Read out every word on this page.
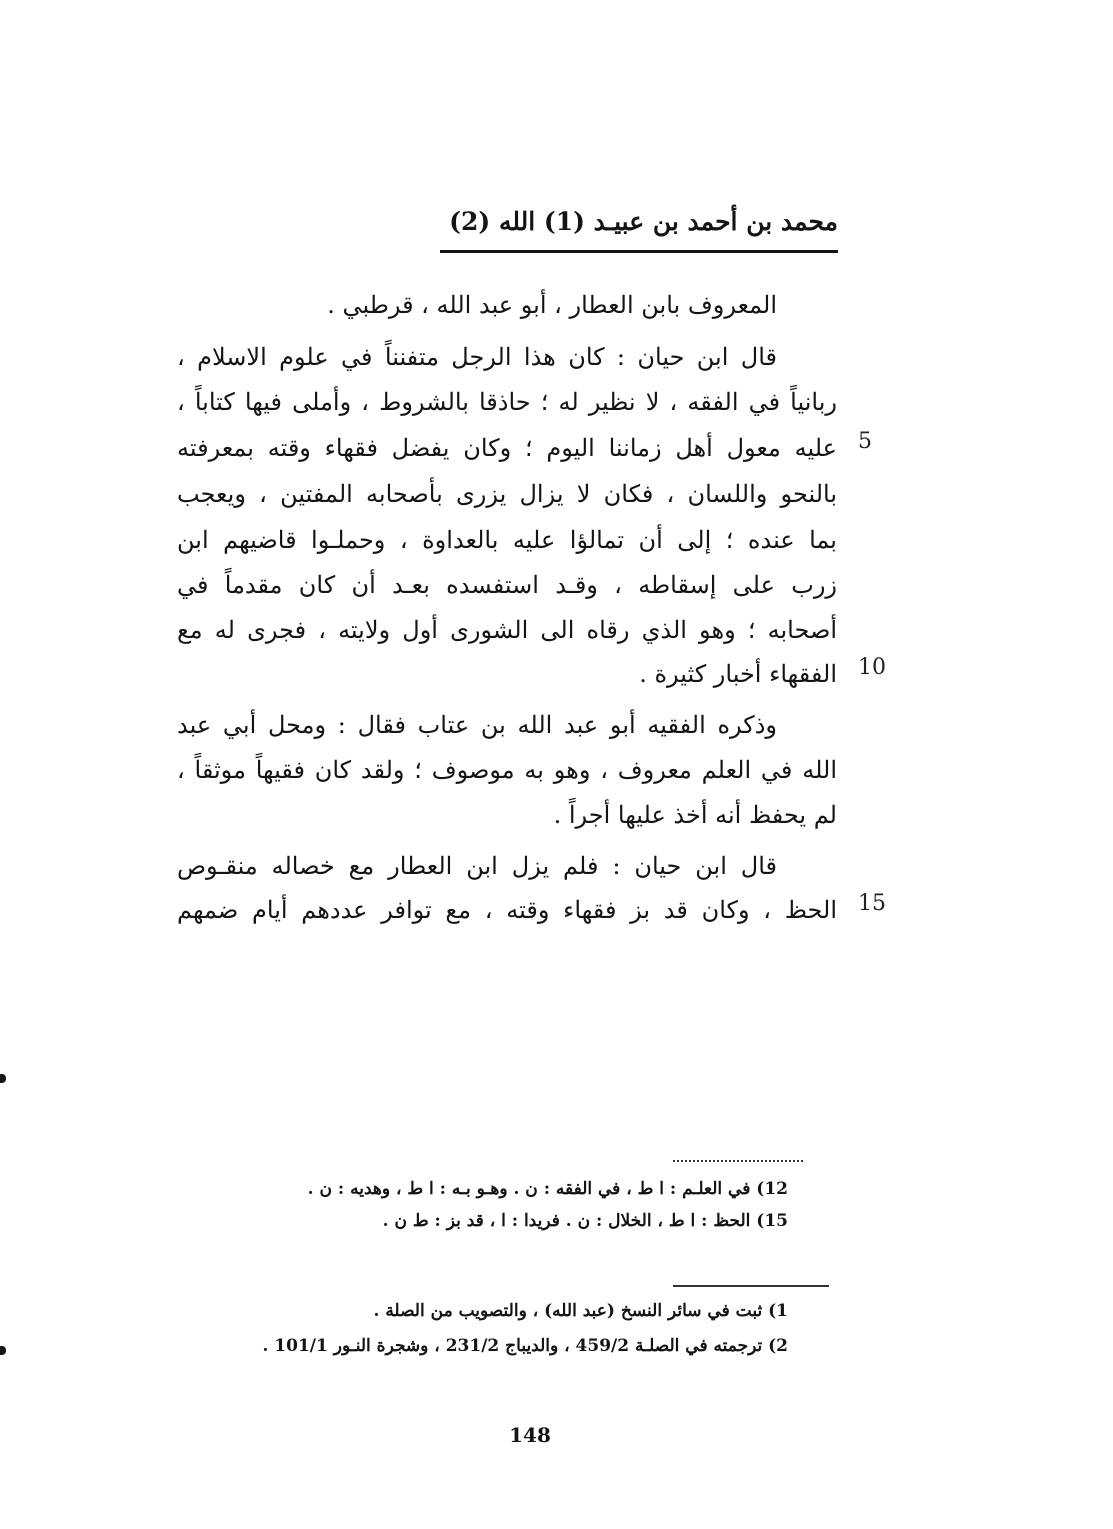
محمد بن أحمد بن عبيـد (1) الله (2)
المعروف بابن العطار ، أبو عبد الله ، قرطبي .
قال ابن حيان : كان هذا الرجل متفنناً في علوم الاسلام ،
ربانياً في الفقه ، لا نظير له ؛ حاذقا بالشروط ، وأملى فيها كتاباً ،
عليه معول أهل زماننا اليوم ؛ وكان يفضل فقهاء وقته بمعرفته 5
بالنحو واللسان ، فكان لا يزال يزرى بأصحابه المفتين ، ويعجب
بما عنده ؛ إلى أن تمالؤا عليه بالعداوة ، وحملـوا قاضيهم ابن
زرب على إسقاطه ، وقـد استفسده بعـد أن كان مقدماً في
أصحابه ؛ وهو الذي رقاه الى الشورى أول ولايته ، فجرى له مع
الفقهاء أخبار كثيرة . 10
وذكره الفقيه أبو عبد الله بن عتاب فقال : ومحل أبي عبد
الله في العلم معروف ، وهو به موصوف ؛ ولقد كان فقيهاً موثقاً ،
لم يحفظ أنه أخذ عليها أجراً .
قال ابن حيان : فلم يزل ابن العطار مع خصاله منقـوص
الحظ ، وكان قد بز فقهاء وقته ، مع توافر عددهم أيام ضمهم 15
12) في العلـم : ا ط ، في الفقه : ن . وهـو بـه : ا ط ، وهديه : ن .
15) الحظ : ا ط ، الخلال : ن . فريدا : ا ، قد بز : ط ن .
1) ثبت في سائر النسخ (عبد الله) ، والتصويب من الصلة .
2) ترجمته في الصلـة 459/2 ، والديباج 231/2 ، وشجرة النـور 101/1 .
148
